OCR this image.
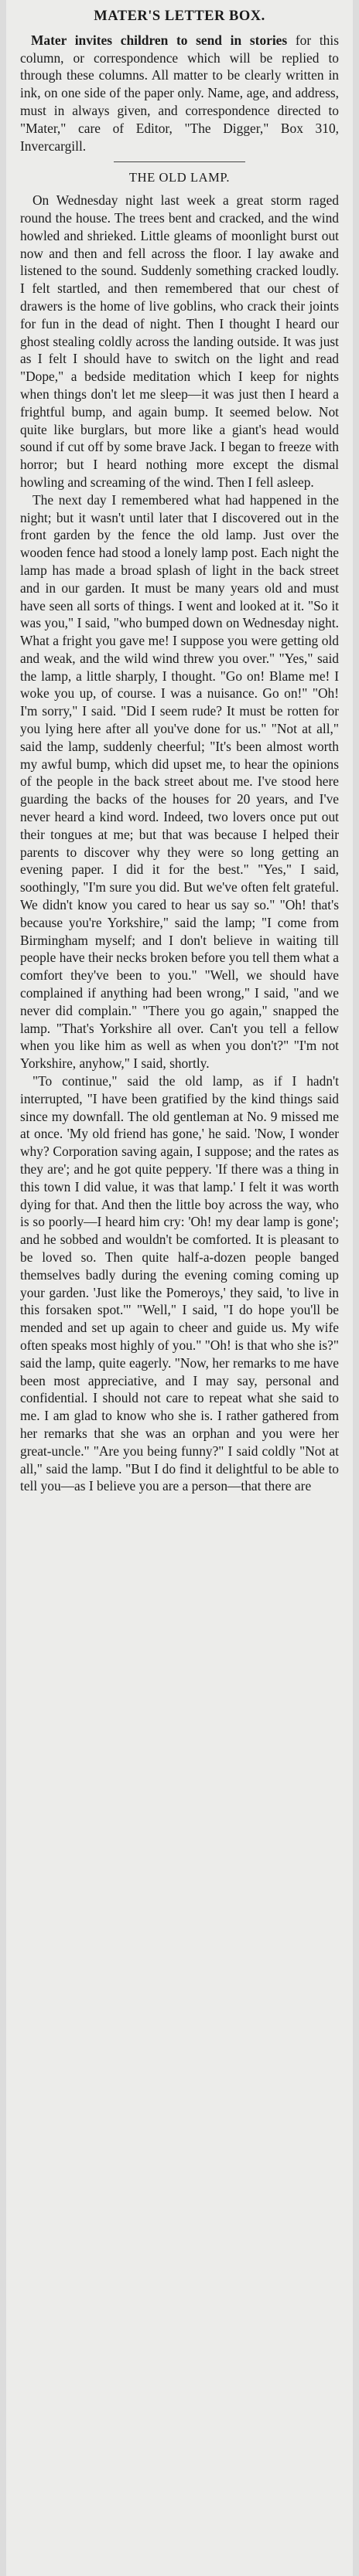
MATER'S LETTER BOX.

Mater invites children to send in stories for this column, or correspondence which will be replied to through these columns. All matter to be clearly written in ink, on one side of the paper only. Name, age, and address, must in always given, and correspondence directed to "Mater," care of Editor, "The Digger," Box 310, Invercargill.

THE OLD LAMP.

On Wednesday night last week a great storm raged round the house. The trees bent and cracked, and the wind howled and shrieked. Little gleams of moonlight burst out now and then and fell across the floor. I lay awake and listened to the sound. Suddenly something cracked loudly. I felt startled, and then remembered that our chest of drawers is the home of live goblins, who crack their joints for fun in the dead of night. Then I thought I heard our ghost stealing coldly across the landing outside. It was just as I felt I should have to switch on the light and read "Dope," a bedside meditation which I keep for nights when things don't let me sleep—it was just then I heard a frightful bump, and again bump. It seemed below. Not quite like burglars, but more like a giant's head would sound if cut off by some brave Jack. I began to freeze with horror; but I heard nothing more except the dismal howling and screaming of the wind. Then I fell asleep.

The next day I remembered what had happened in the night; but it wasn't until later that I discovered out in the front garden by the fence the old lamp. Just over the wooden fence had stood a lonely lamp post. Each night the lamp has made a broad splash of light in the back street and in our garden. It must be many years old and must have seen all sorts of things. I went and looked at it. "So it was you," I said, "who bumped down on Wednesday night. What a fright you gave me! I suppose you were getting old and weak, and the wild wind threw you over." "Yes," said the lamp, a little sharply, I thought. "Go on! Blame me! I woke you up, of course. I was a nuisance. Go on!" "Oh! I'm sorry," I said. "Did I seem rude? It must be rotten for you lying here after all you've done for us." "Not at all," said the lamp, suddenly cheerful; "It's been almost worth my awful bump, which did upset me, to hear the opinions of the people in the back street about me. I've stood here guarding the backs of the houses for 20 years, and I've never heard a kind word. Indeed, two lovers once put out their tongues at me; but that was because I helped their parents to discover why they were so long getting an evening paper. I did it for the best." "Yes," I said, soothingly, "I'm sure you did. But we've often felt grateful. We didn't know you cared to hear us say so." "Oh! that's because you're Yorkshire," said the lamp; "I come from Birmingham myself; and I don't believe in waiting till people have their necks broken before you tell them what a comfort they've been to you." "Well, we should have complained if anything had been wrong," I said, "and we never did complain." "There you go again," snapped the lamp. "That's Yorkshire all over. Can't you tell a fellow when you like him as well as when you don't?" "I'm not Yorkshire, anyhow," I said, shortly.

"To continue," said the old lamp, as if I hadn't interrupted, "I have been gratified by the kind things said since my downfall. The old gentleman at No. 9 missed me at once. 'My old friend has gone,' he said. 'Now, I wonder why? Corporation saving again, I suppose; and the rates as they are'; and he got quite peppery. 'If there was a thing in this town I did value, it was that lamp.' I felt it was worth dying for that. And then the little boy across the way, who is so poorly—I heard him cry: 'Oh! my dear lamp is gone'; and he sobbed and wouldn't be comforted. It is pleasant to be loved so. Then quite half-a-dozen people banged themselves badly during the evening coming coming up your garden. 'Just like the Pomeroys,' they said, 'to live in this forsaken spot.'" "Well," I said, "I do hope you'll be mended and set up again to cheer and guide us. My wife often speaks most highly of you." "Oh! is that who she is?" said the lamp, quite eagerly. "Now, her remarks to me have been most appreciative, and I may say, personal and confidential. I should not care to repeat what she said to me. I am glad to know who she is. I rather gathered from her remarks that she was an orphan and you were her great-uncle." "Are you being funny?" I said coldly "Not at all," said the lamp. "But I do find it delightful to be able to tell you—as I believe you are a person—that there are
